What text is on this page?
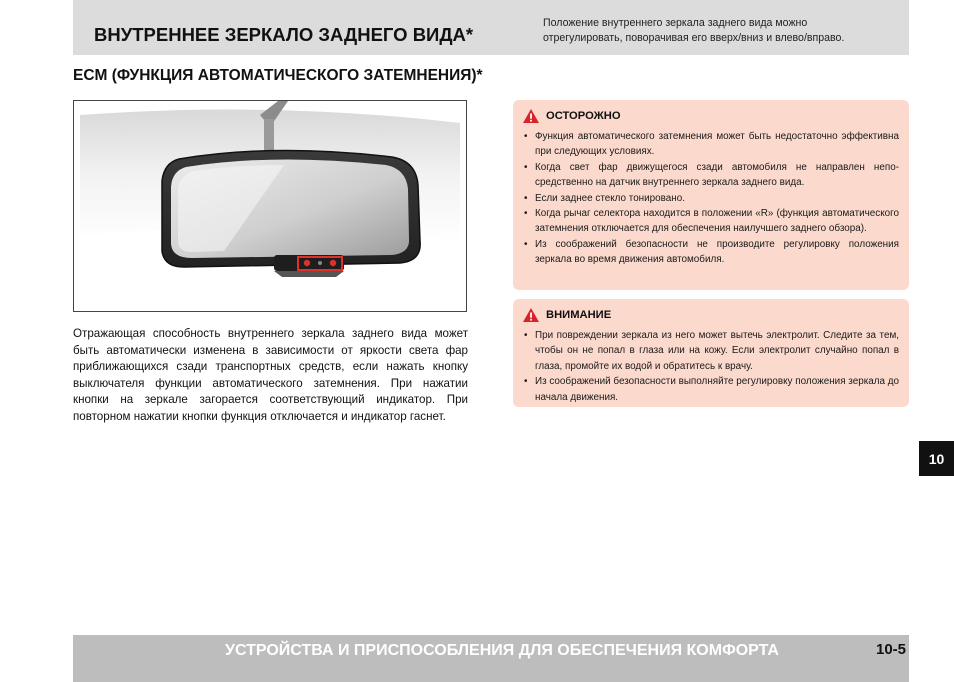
ВНУТРЕННЕЕ ЗЕРКАЛО ЗАДНЕГО ВИДА*
Положение внутреннего зеркала заднего вида можно
отрегулировать, поворачивая его вверх/вниз и влево/вправо.
ECM (ФУНКЦИЯ АВТОМАТИЧЕСКОГО ЗАТЕМНЕНИЯ)*
Отражающая способность внутреннего зеркала заднего вида может быть автоматически изменена в зависимости от яркости света фар приближающихся сзади транспортных средств, если нажать кнопку выключателя функции автоматического затемнения. При нажатии кнопки на зеркале загорается соответствующий индикатор. При повторном нажатии кнопки функция отключается и индикатор гаснет.
ОСТОРОЖНО
• Функция автоматического затемнения может быть недостаточно эффективна при следующих условиях.
• Когда свет фар движущегося сзади автомобиля не направлен непосредственно на датчик внутреннего зеркала заднего вида.
• Если заднее стекло тонировано.
• Когда рычаг селектора находится в положении «R» (функция автоматического затемнения отключается для обеспечения наилучшего заднего обзора).
• Из соображений безопасности не производите регулировку положения зеркала во время движения автомобиля.
ВНИМАНИЕ
• При повреждении зеркала из него может вытечь электролит. Следите за тем, чтобы он не попал в глаза или на кожу. Если электролит случайно попал в глаза, промойте их водой и обратитесь к врачу.
• Из соображений безопасности выполняйте регулировку положения зеркала до начала движения.
10
УСТРОЙСТВА И ПРИСПОСОБЛЕНИЯ ДЛЯ ОБЕСПЕЧЕНИЯ КОМФОРТА	10-5
